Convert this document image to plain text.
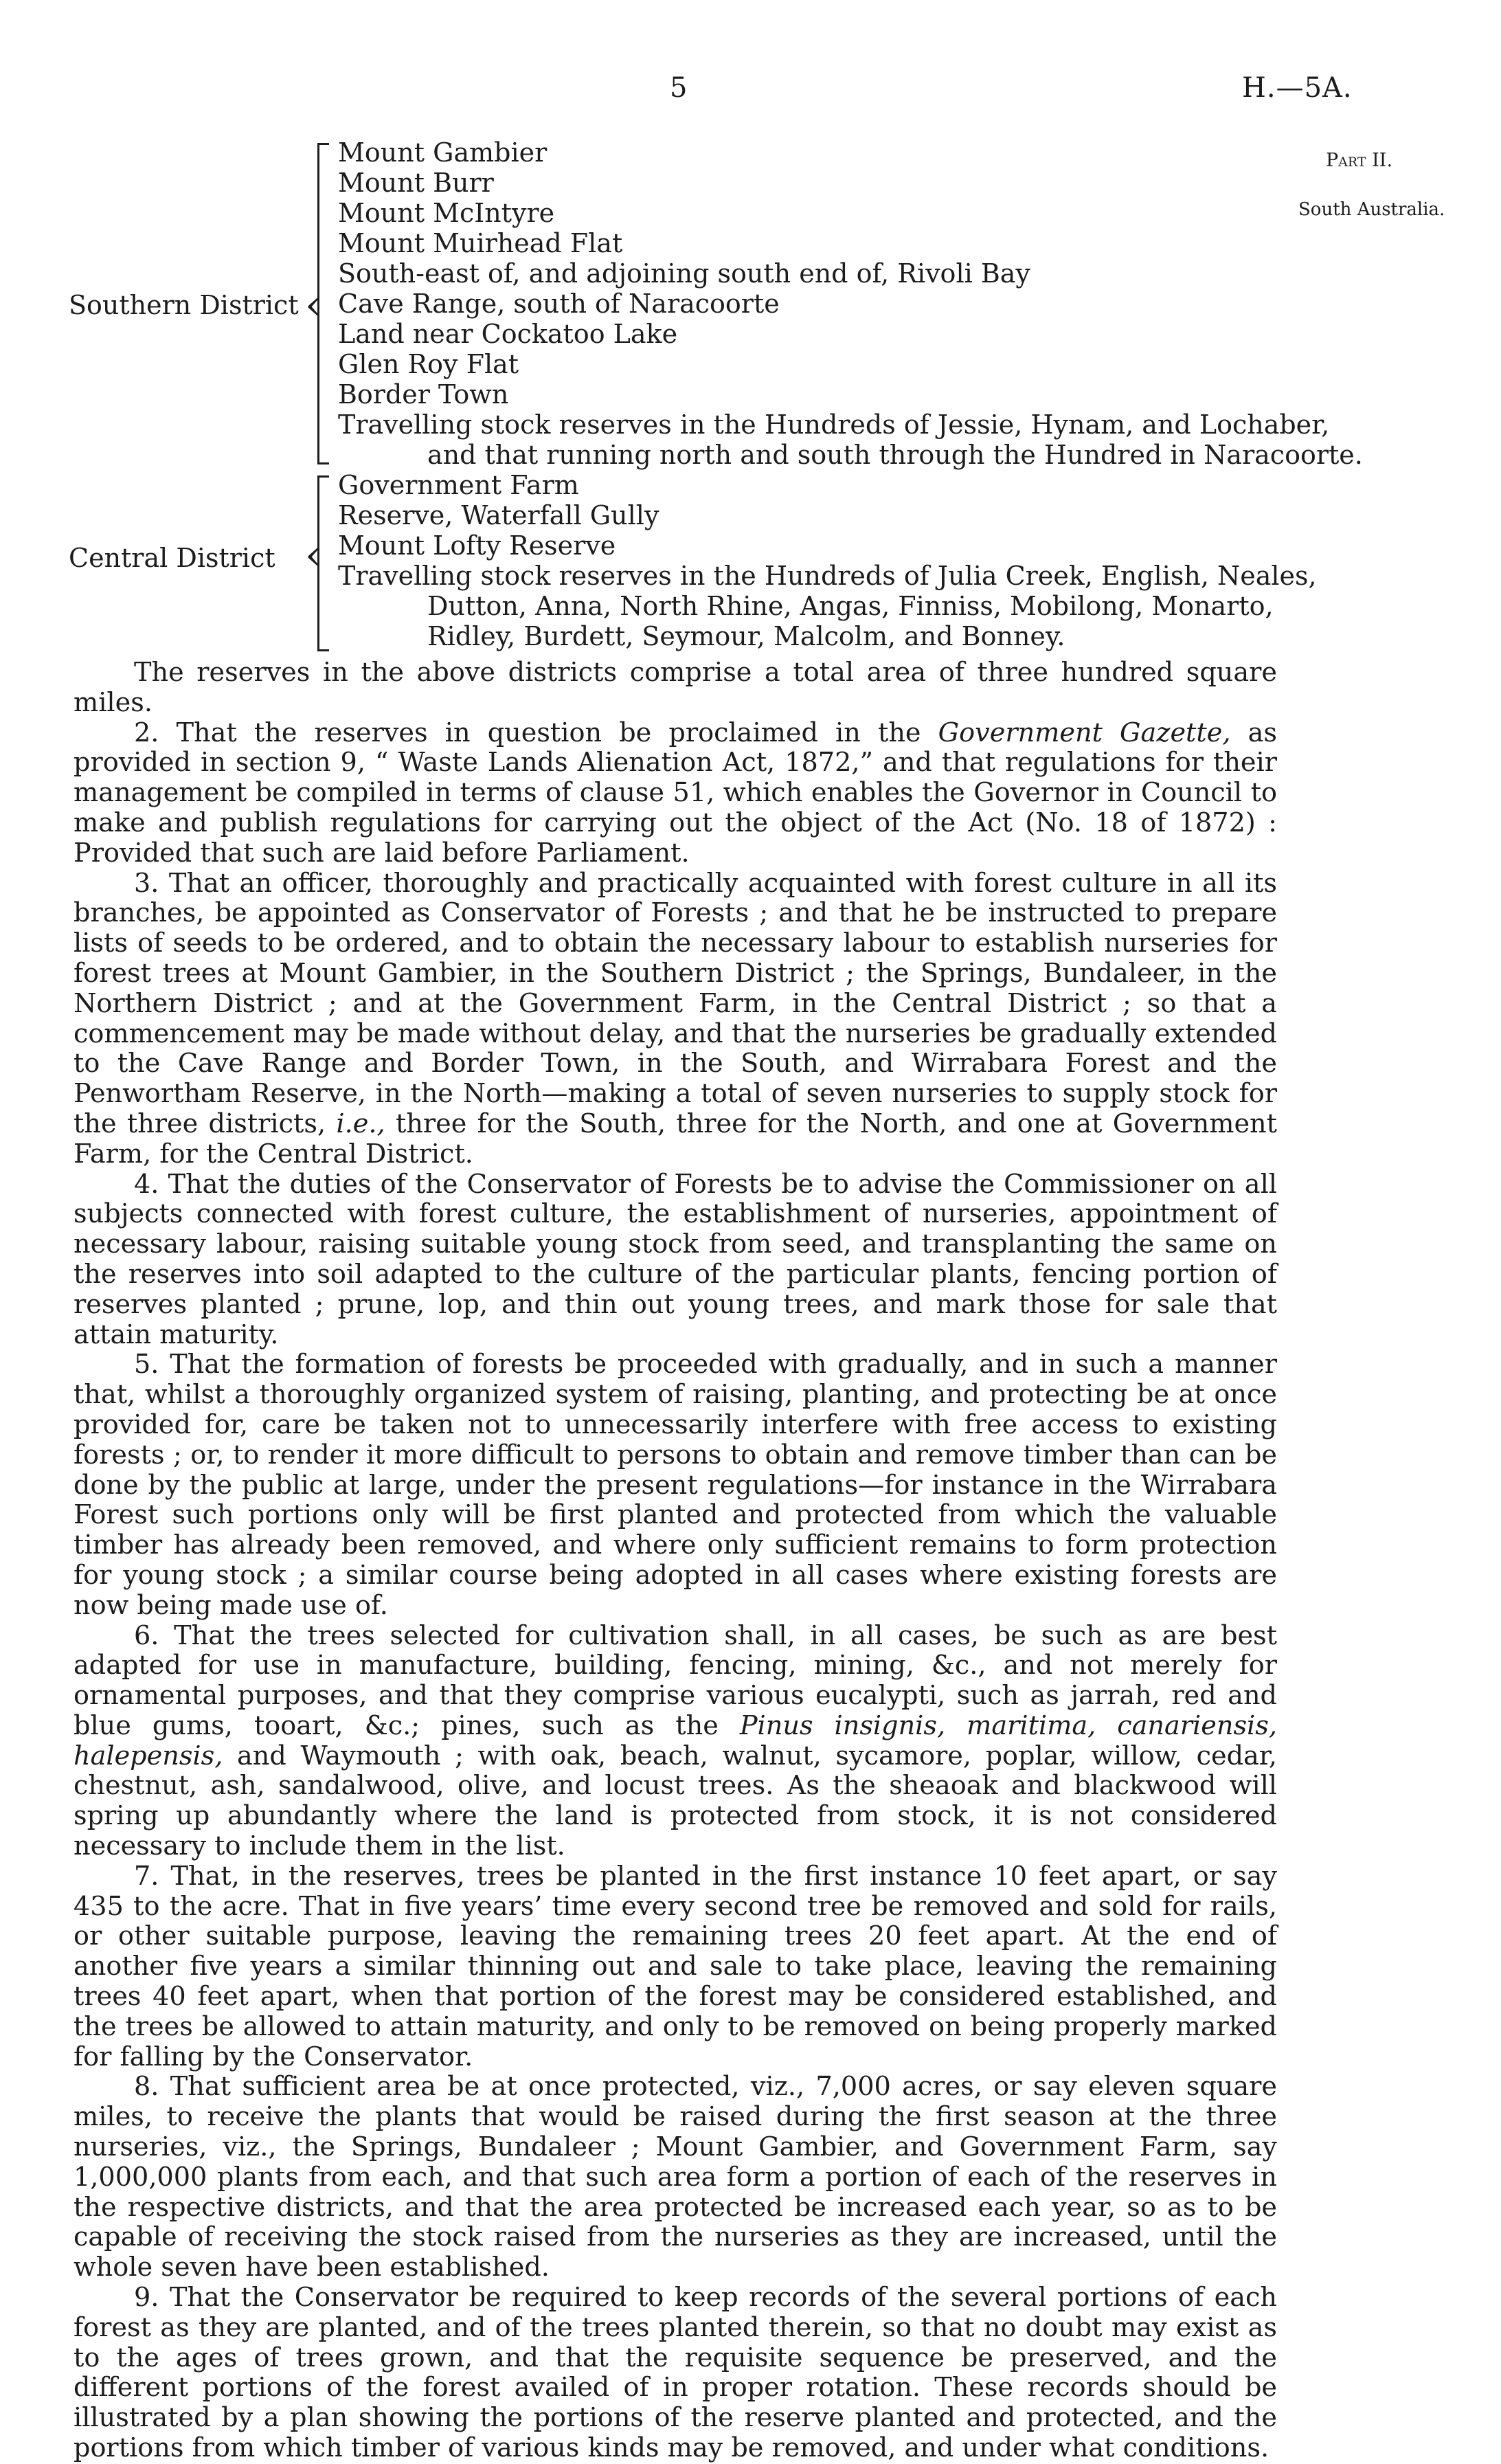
5	H.—5A.
Part II.
South Australia.
Southern District ‹
Mount Gambier
Mount Burr
Mount McIntyre
Mount Muirhead Flat
South-east of, and adjoining south end of, Rivoli Bay
Cave Range, south of Naracoorte
Land near Cockatoo Lake
Glen Roy Flat
Border Town
Travelling stock reserves in the Hundreds of Jessie, Hynam, and Lochaber,
and that running north and south through the Hundred in Naracoorte.
Central District ‹
Government Farm
Reserve, Waterfall Gully
Mount Lofty Reserve
Travelling stock reserves in the Hundreds of Julia Creek, English, Neales,
Dutton, Anna, North Rhine, Angas, Finniss, Mobilong, Monarto,
Ridley, Burdett, Seymour, Malcolm, and Bonney.

The reserves in the above districts comprise a total area of three hundred square miles.

2. That the reserves in question be proclaimed in the Government Gazette, as provided in section 9, “ Waste Lands Alienation Act, 1872,” and that regulations for their management be compiled in terms of clause 51, which enables the Governor in Council to make and publish regulations for carrying out the object of the Act (No. 18 of 1872) : Provided that such are laid before Parliament.

3. That an officer, thoroughly and practically acquainted with forest culture in all its branches, be appointed as Conservator of Forests ; and that he be instructed to prepare lists of seeds to be ordered, and to obtain the necessary labour to establish nurseries for forest trees at Mount Gambier, in the Southern District ; the Springs, Bundaleer, in the Northern District ; and at the Government Farm, in the Central District ; so that a commencement may be made without delay, and that the nurseries be gradually extended to the Cave Range and Border Town, in the South, and Wirrabara Forest and the Penwortham Reserve, in the North—making a total of seven nurseries to supply stock for the three districts, i.e., three for the South, three for the North, and one at Government Farm, for the Central District.

4. That the duties of the Conservator of Forests be to advise the Commissioner on all subjects connected with forest culture, the establishment of nurseries, appointment of necessary labour, raising suitable young stock from seed, and transplanting the same on the reserves into soil adapted to the culture of the particular plants, fencing portion of reserves planted ; prune, lop, and thin out young trees, and mark those for sale that attain maturity.

5. That the formation of forests be proceeded with gradually, and in such a manner that, whilst a thoroughly organized system of raising, planting, and protecting be at once provided for, care be taken not to unnecessarily interfere with free access to existing forests ; or, to render it more difficult to persons to obtain and remove timber than can be done by the public at large, under the present regulations—for instance in the Wirrabara Forest such portions only will be first planted and protected from which the valuable timber has already been removed, and where only sufficient remains to form protection for young stock ; a similar course being adopted in all cases where existing forests are now being made use of.

6. That the trees selected for cultivation shall, in all cases, be such as are best adapted for use in manufacture, building, fencing, mining, &c., and not merely for ornamental purposes, and that they comprise various eucalypti, such as jarrah, red and blue gums, tooart, &c.; pines, such as the Pinus insignis, maritima, canariensis, halepensis, and Waymouth ; with oak, beach, walnut, sycamore, poplar, willow, cedar, chestnut, ash, sandalwood, olive, and locust trees. As the sheaoak and blackwood will spring up abundantly where the land is protected from stock, it is not considered necessary to include them in the list.

7. That, in the reserves, trees be planted in the first instance 10 feet apart, or say 435 to the acre. That in five years’ time every second tree be removed and sold for rails, or other suitable purpose, leaving the remaining trees 20 feet apart. At the end of another five years a similar thinning out and sale to take place, leaving the remaining trees 40 feet apart, when that portion of the forest may be considered established, and the trees be allowed to attain maturity, and only to be removed on being properly marked for falling by the Conservator.

8. That sufficient area be at once protected, viz., 7,000 acres, or say eleven square miles, to receive the plants that would be raised during the first season at the three nurseries, viz., the Springs, Bundaleer ; Mount Gambier, and Government Farm, say 1,000,000 plants from each, and that such area form a portion of each of the reserves in the respective districts, and that the area protected be increased each year, so as to be capable of receiving the stock raised from the nurseries as they are increased, until the whole seven have been established.

9. That the Conservator be required to keep records of the several portions of each forest as they are planted, and of the trees planted therein, so that no doubt may exist as to the ages of trees grown, and that the requisite sequence be preserved, and the different portions of the forest availed of in proper rotation. These records should be illustrated by a plan showing the portions of the reserve planted and protected, and the portions from which timber of various kinds may be removed, and under what conditions.
